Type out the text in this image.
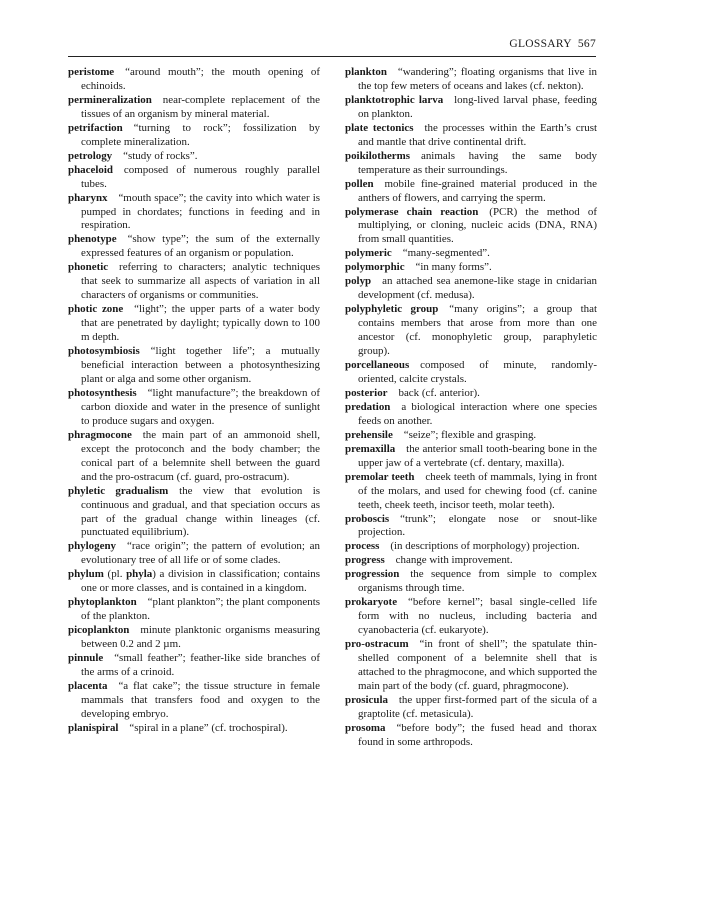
GLOSSARY 567

peristome  “around mouth”; the mouth opening of echinoids.

permineralization  near-complete replacement of the tissues of an organism by mineral material.

petrifaction  “turning to rock”; fossilization by complete mineralization.

petrology  “study of rocks”.

phaceloid  composed of numerous roughly parallel tubes.

pharynx  “mouth space”; the cavity into which water is pumped in chordates; functions in feeding and in respiration.

phenotype  “show type”; the sum of the externally expressed features of an organism or population.

phonetic  referring to characters; analytic techniques that seek to summarize all aspects of variation in all characters of organisms or communities.

photic zone  “light”; the upper parts of a water body that are penetrated by daylight; typically down to 100 m depth.

photosymbiosis  “light together life”; a mutually beneficial interaction between a photosynthesizing plant or alga and some other organism.

photosynthesis  “light manufacture”; the breakdown of carbon dioxide and water in the presence of sunlight to produce sugars and oxygen.

phragmocone  the main part of an ammonoid shell, except the protoconch and the body chamber; the conical part of a belemnite shell between the guard and the pro-ostracum (cf. guard, pro-ostracum).

phyletic gradualism  the view that evolution is continuous and gradual, and that speciation occurs as part of the gradual change within lineages (cf. punctuated equilibrium).

phylogeny  “race origin”; the pattern of evolution; an evolutionary tree of all life or of some clades.

phylum (pl. phyla) a division in classification; contains one or more classes, and is contained in a kingdom.

phytoplankton  “plant plankton”; the plant components of the plankton.

picoplankton  minute planktonic organisms measuring between 0.2 and 2 µm.

pinnule  “small feather”; feather-like side branches of the arms of a crinoid.

placenta  “a flat cake”; the tissue structure in female mammals that transfers food and oxygen to the developing embryo.

planispiral  “spiral in a plane” (cf. trochospiral).

plankton  “wandering”; floating organisms that live in the top few meters of oceans and lakes (cf. nekton).

planktotrophic larva  long-lived larval phase, feeding on plankton.

plate tectonics  the processes within the Earth’s crust and mantle that drive continental drift.

poikilotherms  animals having the same body temperature as their surroundings.

pollen  mobile fine-grained material produced in the anthers of flowers, and carrying the sperm.

polymerase chain reaction  (PCR) the method of multiplying, or cloning, nucleic acids (DNA, RNA) from small quantities.

polymeric  “many-segmented”.

polymorphic  “in many forms”.

polyp  an attached sea anemone-like stage in cnidarian development (cf. medusa).

polyphyletic group  “many origins”; a group that contains members that arose from more than one ancestor (cf. monophyletic group, paraphyletic group).

porcellaneous  composed of minute, randomly-oriented, calcite crystals.

posterior  back (cf. anterior).

predation  a biological interaction where one species feeds on another.

prehensile  “seize”; flexible and grasping.

premaxilla  the anterior small tooth-bearing bone in the upper jaw of a vertebrate (cf. dentary, maxilla).

premolar teeth  cheek teeth of mammals, lying in front of the molars, and used for chewing food (cf. canine teeth, cheek teeth, incisor teeth, molar teeth).

proboscis  “trunk”; elongate nose or snout-like projection.

process  (in descriptions of morphology) projection.

progress  change with improvement.

progression  the sequence from simple to complex organisms through time.

prokaryote  “before kernel”; basal single-celled life form with no nucleus, including bacteria and cyanobacteria (cf. eukaryote).

pro-ostracum  “in front of shell”; the spatulate thin-shelled component of a belemnite shell that is attached to the phragmocone, and which supported the main part of the body (cf. guard, phragmocone).

prosicula  the upper first-formed part of the sicula of a graptolite (cf. metasicula).

prosoma  “before body”; the fused head and thorax found in some arthropods.
